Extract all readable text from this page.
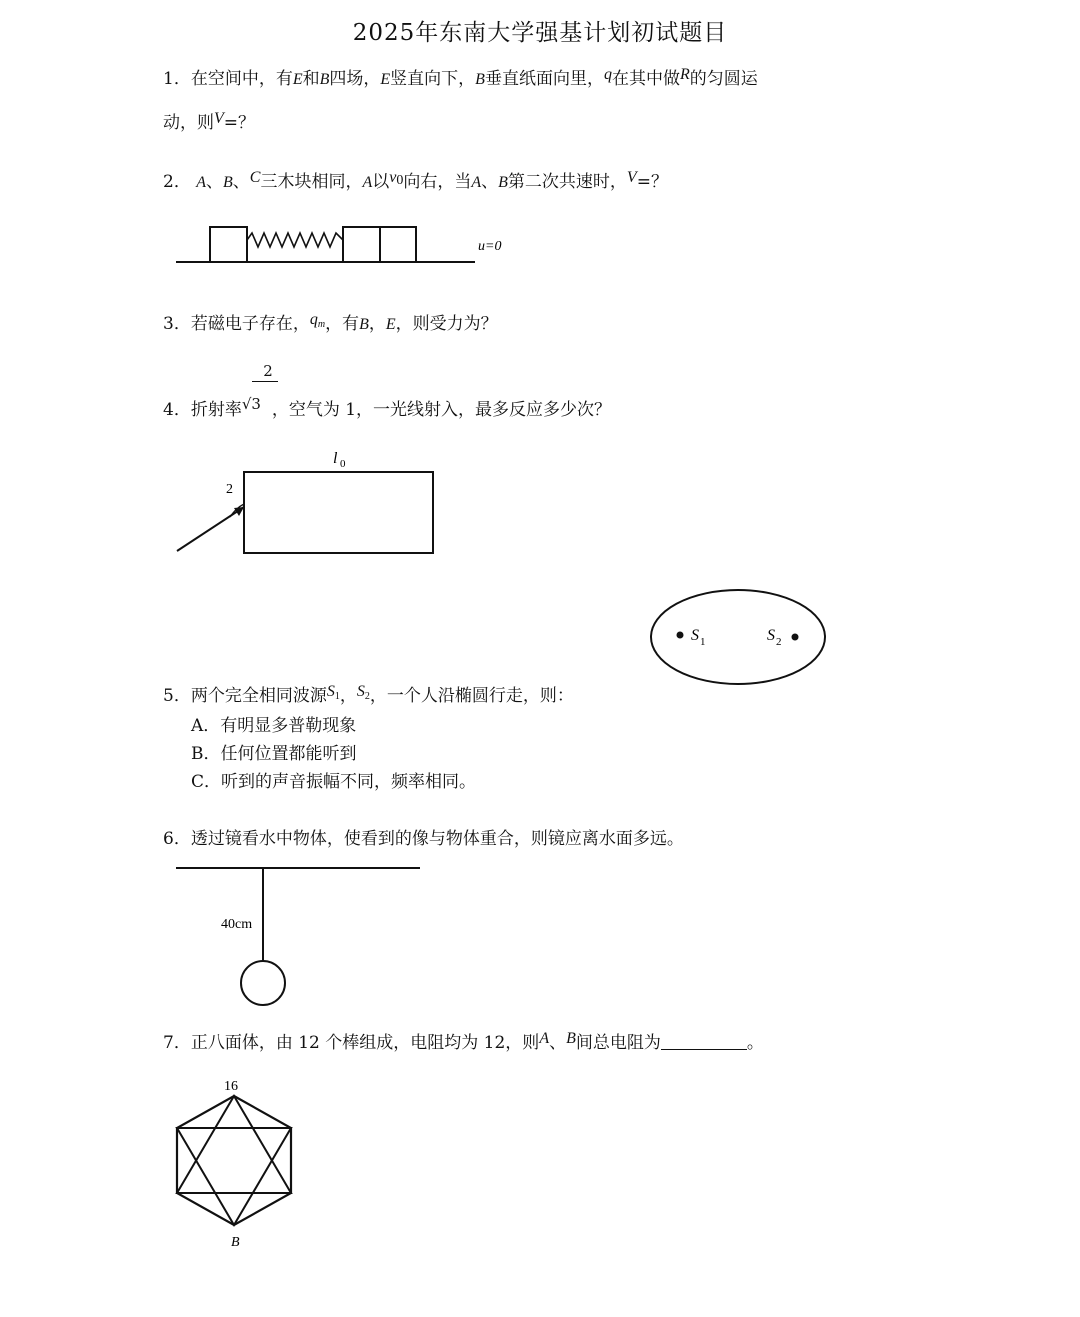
2025年东南大学强基计划初试题目
1．在空间中，有E和B四场，E竖直向下，B垂直纸面向里，q在其中做R的匀圆运
动，则V=？
2． A、B、C三木块相同，A以v0向右，当A、B第二次共速时，V=？
u=0
3．若磁电子存在，qm，有B，E，则受力为？
2
4．折射率√3 ，空气为 1，一光线射入，最多反应多少次？
l 0
2
S 1	S 2
5．两个完全相同波源S1，S2，一个人沿椭圆行走，则：
A．有明显多普勒现象
B．任何位置都能听到
C．听到的声音振幅不同，频率相同。
6．透过镜看水中物体，使看到的像与物体重合，则镜应离水面多远。
40cm
7．正八面体，由 12 个棒组成，电阻均为 12，则A、B间总电阻为	。
16
B
